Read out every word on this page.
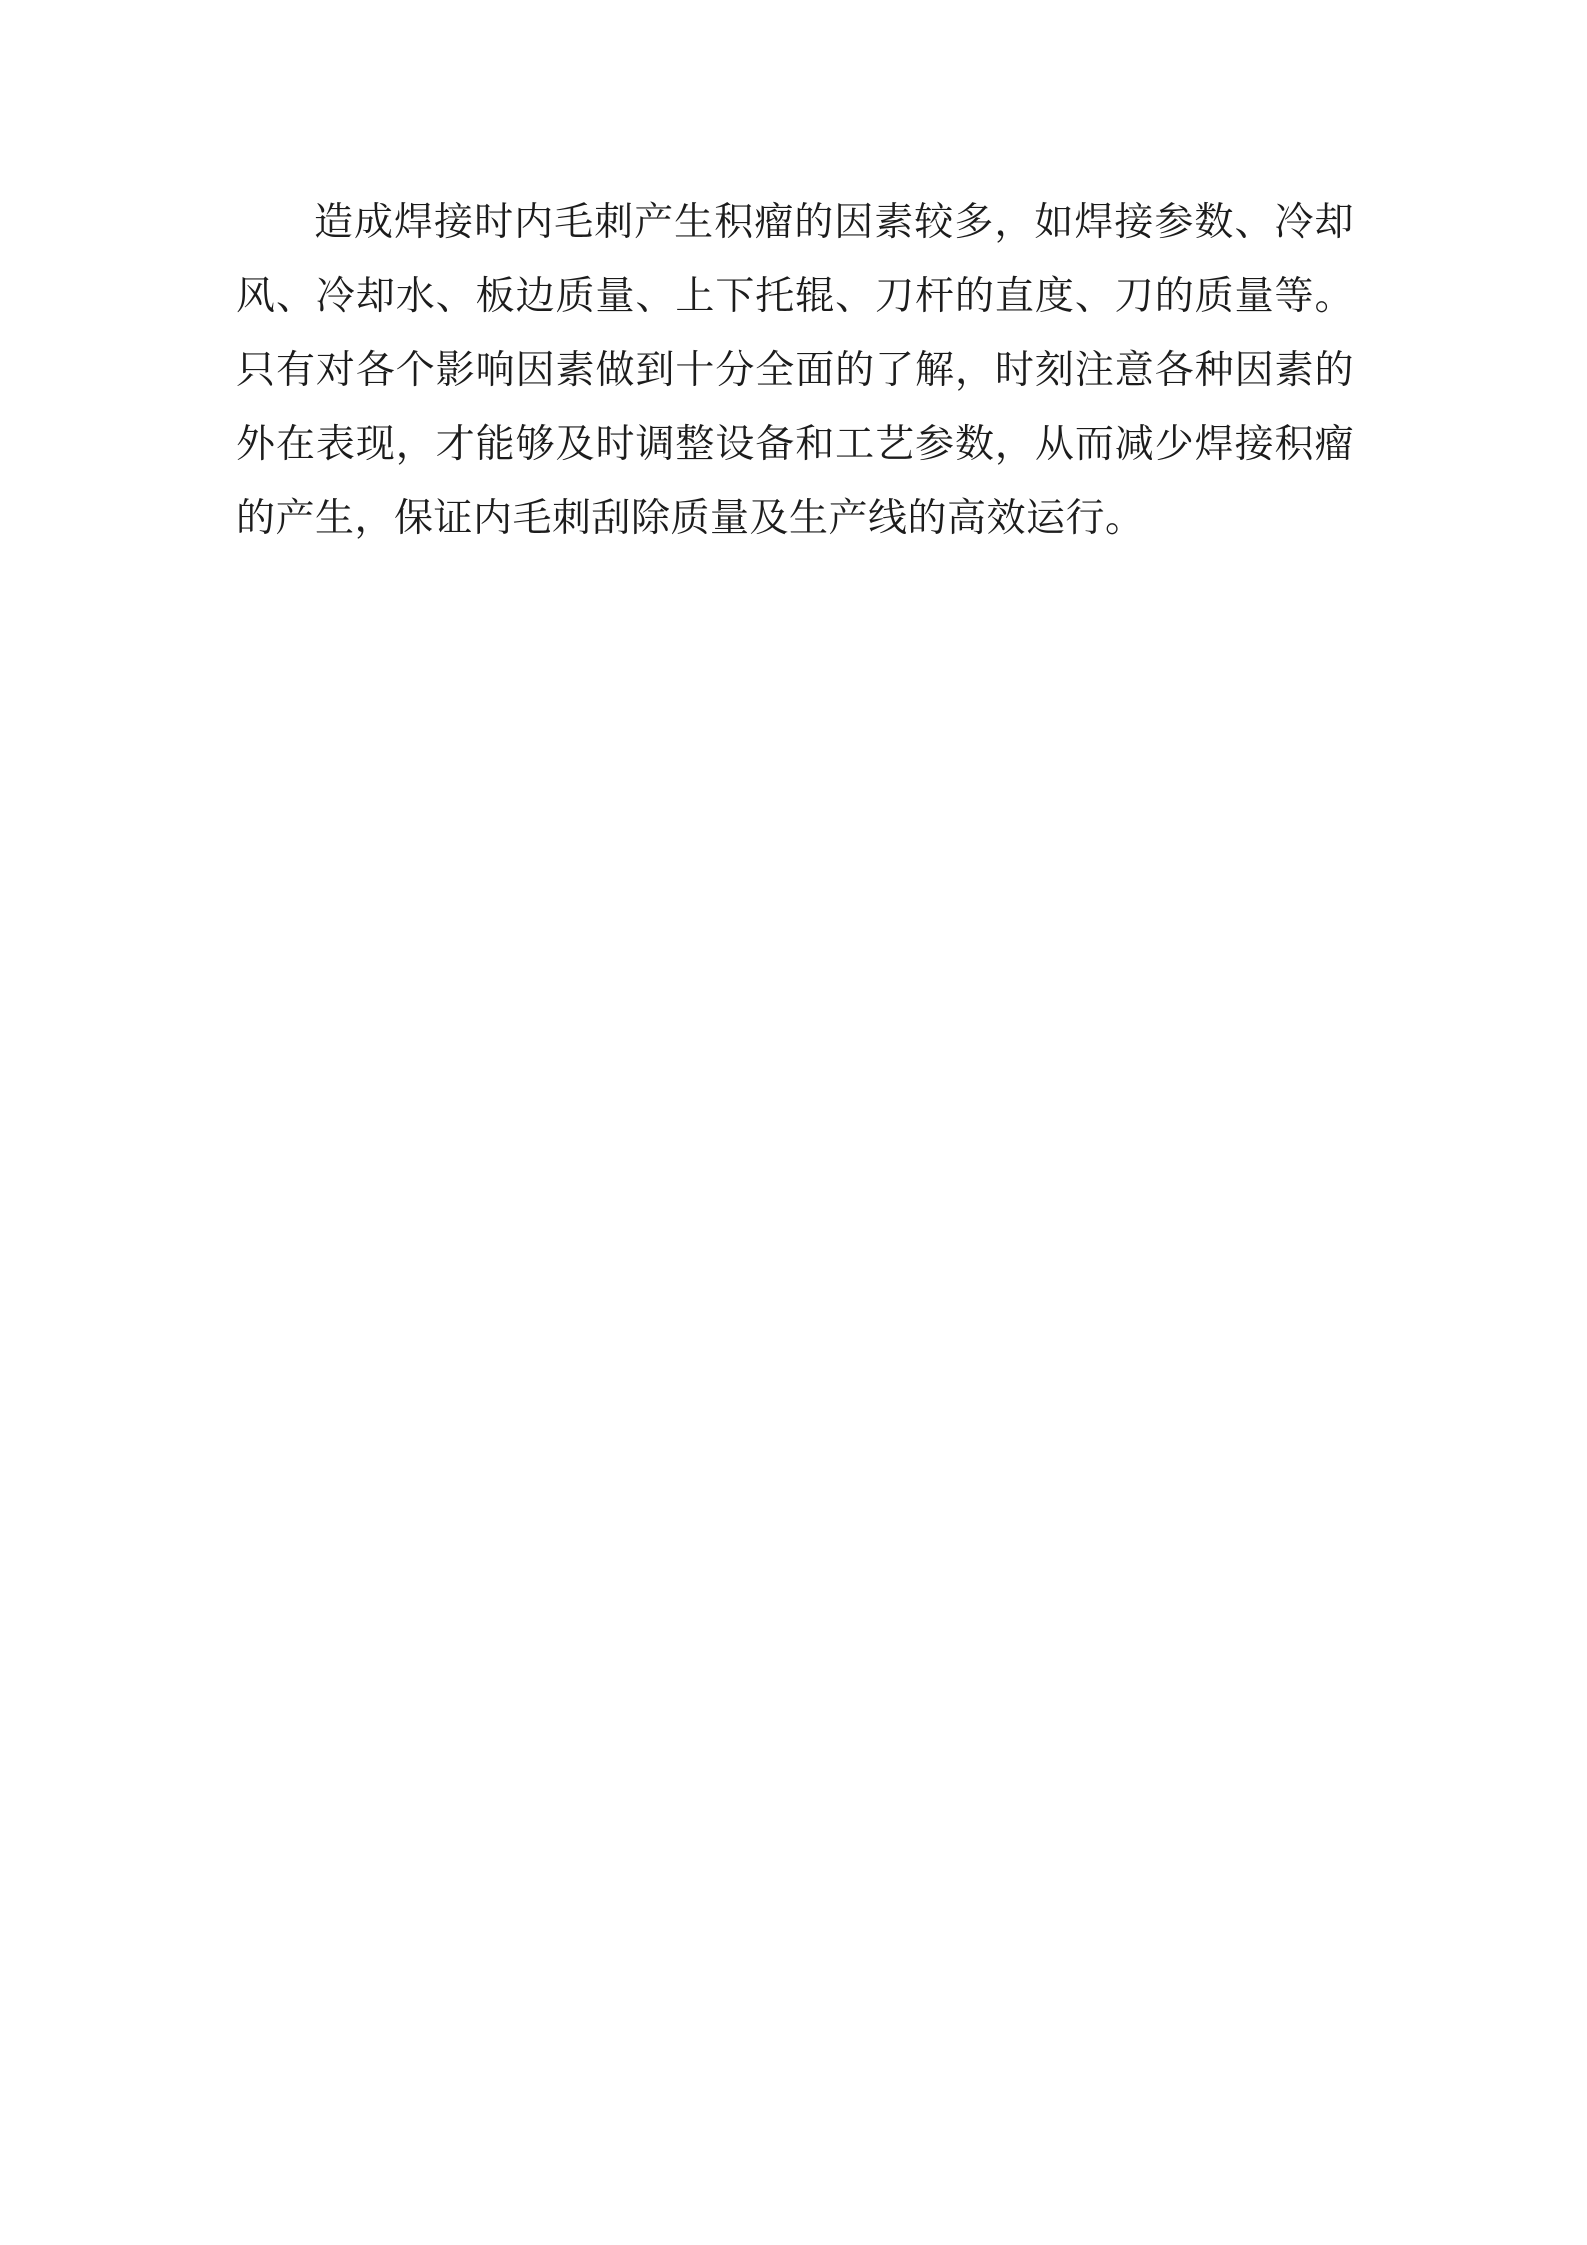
造成焊接时内毛刺产生积瘤的因素较多，如焊接参数、冷却风、冷却水、板边质量、上下托辊、刀杆的直度、刀的质量等。只有对各个影响因素做到十分全面的了解，时刻注意各种因素的外在表现，才能够及时调整设备和工艺参数，从而减少焊接积瘤的产生，保证内毛刺刮除质量及生产线的高效运行。
